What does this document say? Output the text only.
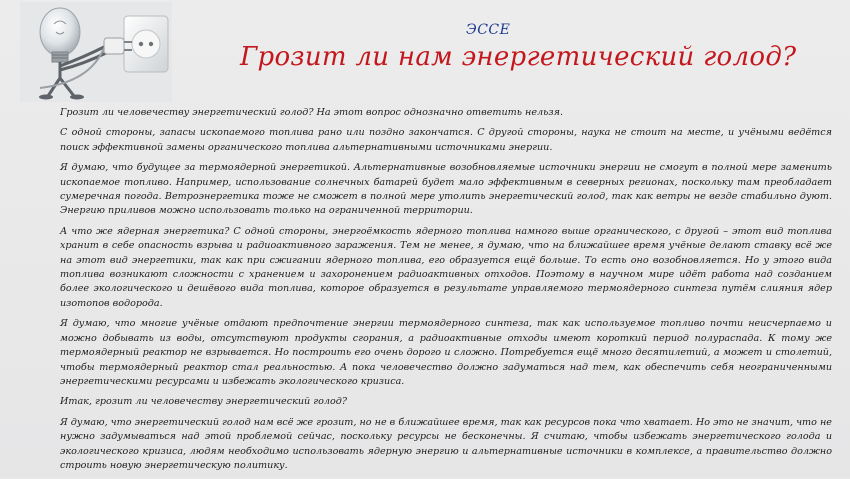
ЭССЕ
Грозит ли нам энергетический голод?

Грозит ли человечеству энергетический голод? На этот вопрос однозначно ответить нельзя.

С одной стороны, запасы ископаемого топлива рано или поздно закончатся. С другой стороны, наука не стоит на месте, и учёными ведётся поиск эффективной замены органического топлива альтернативными источниками энергии.

Я думаю, что будущее за термоядерной энергетикой. Альтернативные возобновляемые источники энергии не смогут в полной мере заменить ископаемое топливо. Например, использование солнечных батарей будет мало эффективным в северных регионах, поскольку там преобладает сумеречная погода. Ветроэнергетика тоже не сможет в полной мере утолить энергетический голод, так как ветры не везде стабильно дуют. Энергию приливов можно использовать только на ограниченной территории.

А что же ядерная энергетика? С одной стороны, энергоёмкость ядерного топлива намного выше органического, с другой – этот вид топлива хранит в себе опасность взрыва и радиоактивного заражения. Тем не менее, я думаю, что на ближайшее время учёные делают ставку всё же на этот вид энергетики, так как при сжигании ядерного топлива, его образуется ещё больше. То есть оно возобновляется. Но у этого вида топлива возникают сложности с хранением и захоронением радиоактивных отходов. Поэтому в научном мире идёт работа над созданием более экологического и дешёвого вида топлива, которое образуется в результате управляемого термоядерного синтеза путём слияния ядер изотопов водорода.

Я думаю, что многие учёные отдают предпочтение энергии термоядерного синтеза, так как используемое топливо почти неисчерпаемо и можно добывать из воды, отсутствуют продукты сгорания, а радиоактивные отходы имеют короткий период полураспада. К тому же термоядерный реактор не взрывается. Но построить его очень дорого и сложно. Потребуется ещё много десятилетий, а может и столетий, чтобы термоядерный реактор стал реальностью. А пока человечество должно задуматься над тем, как обеспечить себя неограниченными энергетическими ресурсами и избежать экологического кризиса.

Итак, грозит ли человечеству энергетический голод?

Я думаю, что энергетический голод нам всё же грозит, но не в ближайшее время, так как ресурсов пока что хватает. Но это не значит, что не нужно задумываться над этой проблемой сейчас, поскольку ресурсы не бесконечны. Я считаю, чтобы избежать энергетического голода и экологического кризиса, людям необходимо использовать ядерную энергию и альтернативные источники в комплексе, а правительство должно строить новую энергетическую политику.
